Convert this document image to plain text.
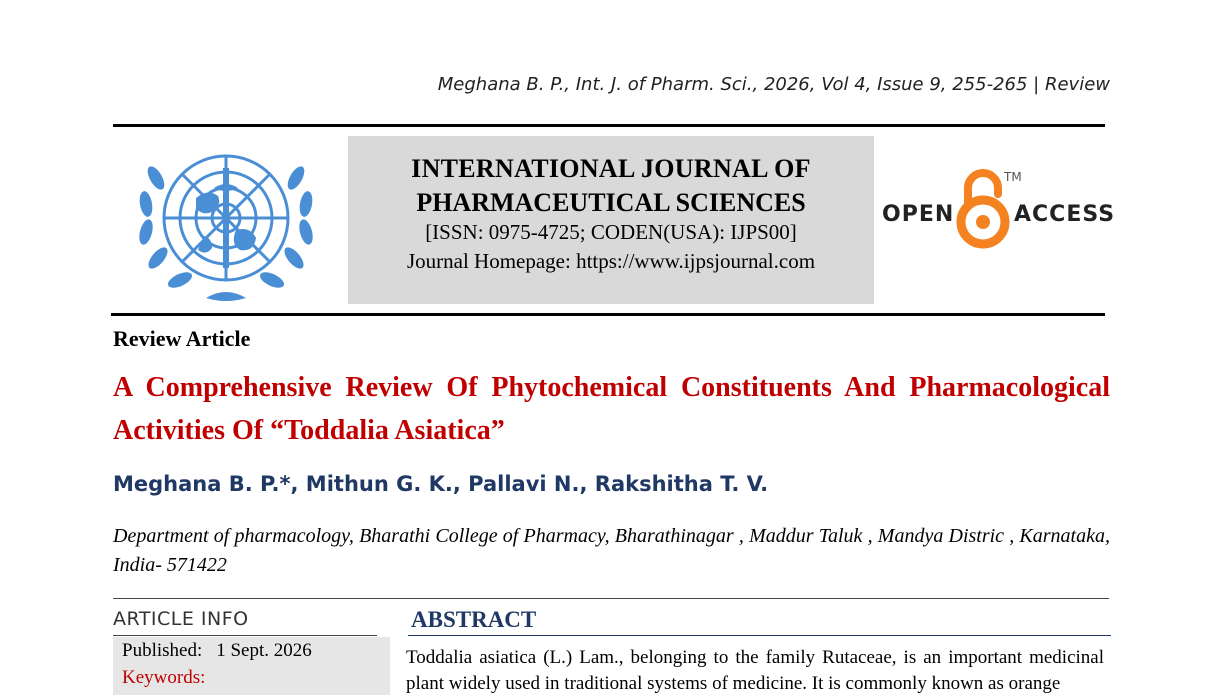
Meghana B. P., Int. J. of Pharm. Sci., 2026, Vol 4, Issue 9, 255-265 | Review
INTERNATIONAL JOURNAL OF
PHARMACEUTICAL SCIENCES
[ISSN: 0975-4725; CODEN(USA): IJPS00]
Journal Homepage: https://www.ijpsjournal.com
OPEN	ACCESS
TM
Review Article
A Comprehensive Review Of Phytochemical Constituents And Pharmacological Activities Of “Toddalia Asiatica”
Meghana B. P.*, Mithun G. K., Pallavi N., Rakshitha T. V.
Department of pharmacology, Bharathi College of Pharmacy, Bharathinagar , Maddur Taluk , Mandya Distric , Karnataka, India- 571422
ARTICLE INFO
Published: 1 Sept. 2026
Keywords:
ABSTRACT
Toddalia asiatica (L.) Lam., belonging to the family Rutaceae, is an important medicinal plant widely used in traditional systems of medicine. It is commonly known as orange
